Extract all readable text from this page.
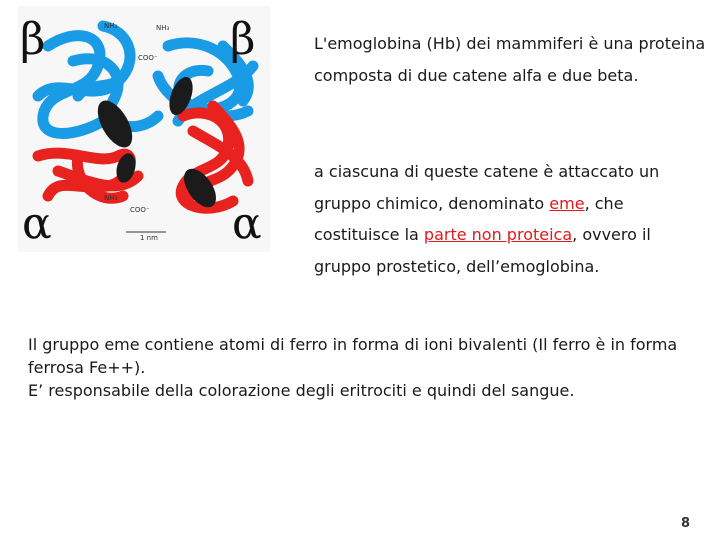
β	β
α	α
NH₃	NH₃
COO⁻
NH₃
COO⁻
1 nm

L'emoglobina (Hb) dei mammiferi è una proteina composta di due catene alfa e due beta.

a ciascuna di queste catene è attaccato un gruppo chimico, denominato eme, che costituisce la parte non proteica, ovvero il gruppo prostetico, dell’emoglobina.

Il gruppo eme contiene atomi di ferro in forma di ioni bivalenti (Il ferro è in forma ferrosa Fe++).
E’ responsabile della colorazione degli eritrociti e quindi del sangue.
8
